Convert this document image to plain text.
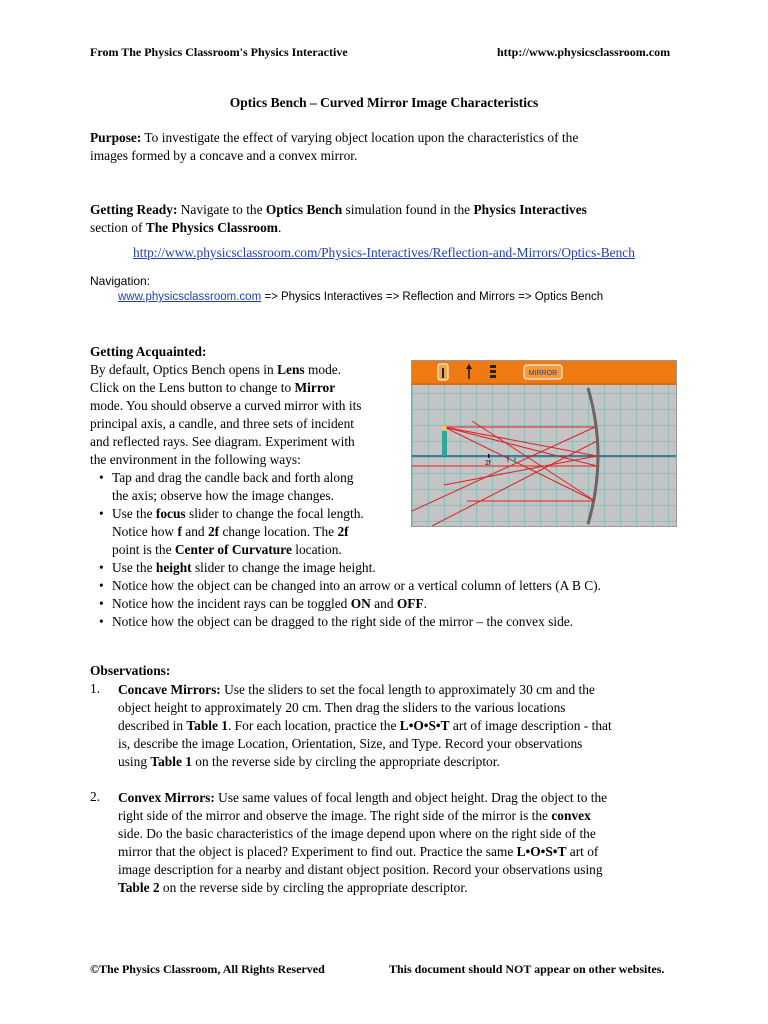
From The Physics Classroom's Physics Interactive	http://www.physicsclassroom.com
Optics Bench – Curved Mirror Image Characteristics
Purpose: To investigate the effect of varying object location upon the characteristics of the
images formed by a concave and a convex mirror.
Getting Ready: Navigate to the Optics Bench simulation found in the Physics Interactives
section of The Physics Classroom.
http://www.physicsclassroom.com/Physics-Interactives/Reflection-and-Mirrors/Optics-Bench
Navigation:
www.physicsclassroom.com => Physics Interactives => Reflection and Mirrors => Optics Bench
Getting Acquainted:
By default, Optics Bench opens in Lens mode.
Click on the Lens button to change to Mirror
mode. You should observe a curved mirror with its
principal axis, a candle, and three sets of incident
and reflected rays. See diagram. Experiment with
the environment in the following ways:
• Tap and drag the candle back and forth along
the axis; observe how the image changes.
• Use the focus slider to change the focal length.
Notice how f and 2f change location. The 2f
point is the Center of Curvature location.
• Use the height slider to change the image height.
• Notice how the object can be changed into an arrow or a vertical column of letters (A B C).
• Notice how the incident rays can be toggled ON and OFF.
• Notice how the object can be dragged to the right side of the mirror – the convex side.
MIRROR
2f f
Observations:
1. Concave Mirrors: Use the sliders to set the focal length to approximately 30 cm and the
object height to approximately 20 cm. Then drag the sliders to the various locations
described in Table 1. For each location, practice the L•O•S•T art of image description - that
is, describe the image Location, Orientation, Size, and Type. Record your observations
using Table 1 on the reverse side by circling the appropriate descriptor.
2. Convex Mirrors: Use same values of focal length and object height. Drag the object to the
right side of the mirror and observe the image. The right side of the mirror is the convex
side. Do the basic characteristics of the image depend upon where on the right side of the
mirror that the object is placed? Experiment to find out. Practice the same L•O•S•T art of
image description for a nearby and distant object position. Record your observations using
Table 2 on the reverse side by circling the appropriate descriptor.
©The Physics Classroom, All Rights Reserved	This document should NOT appear on other websites.
